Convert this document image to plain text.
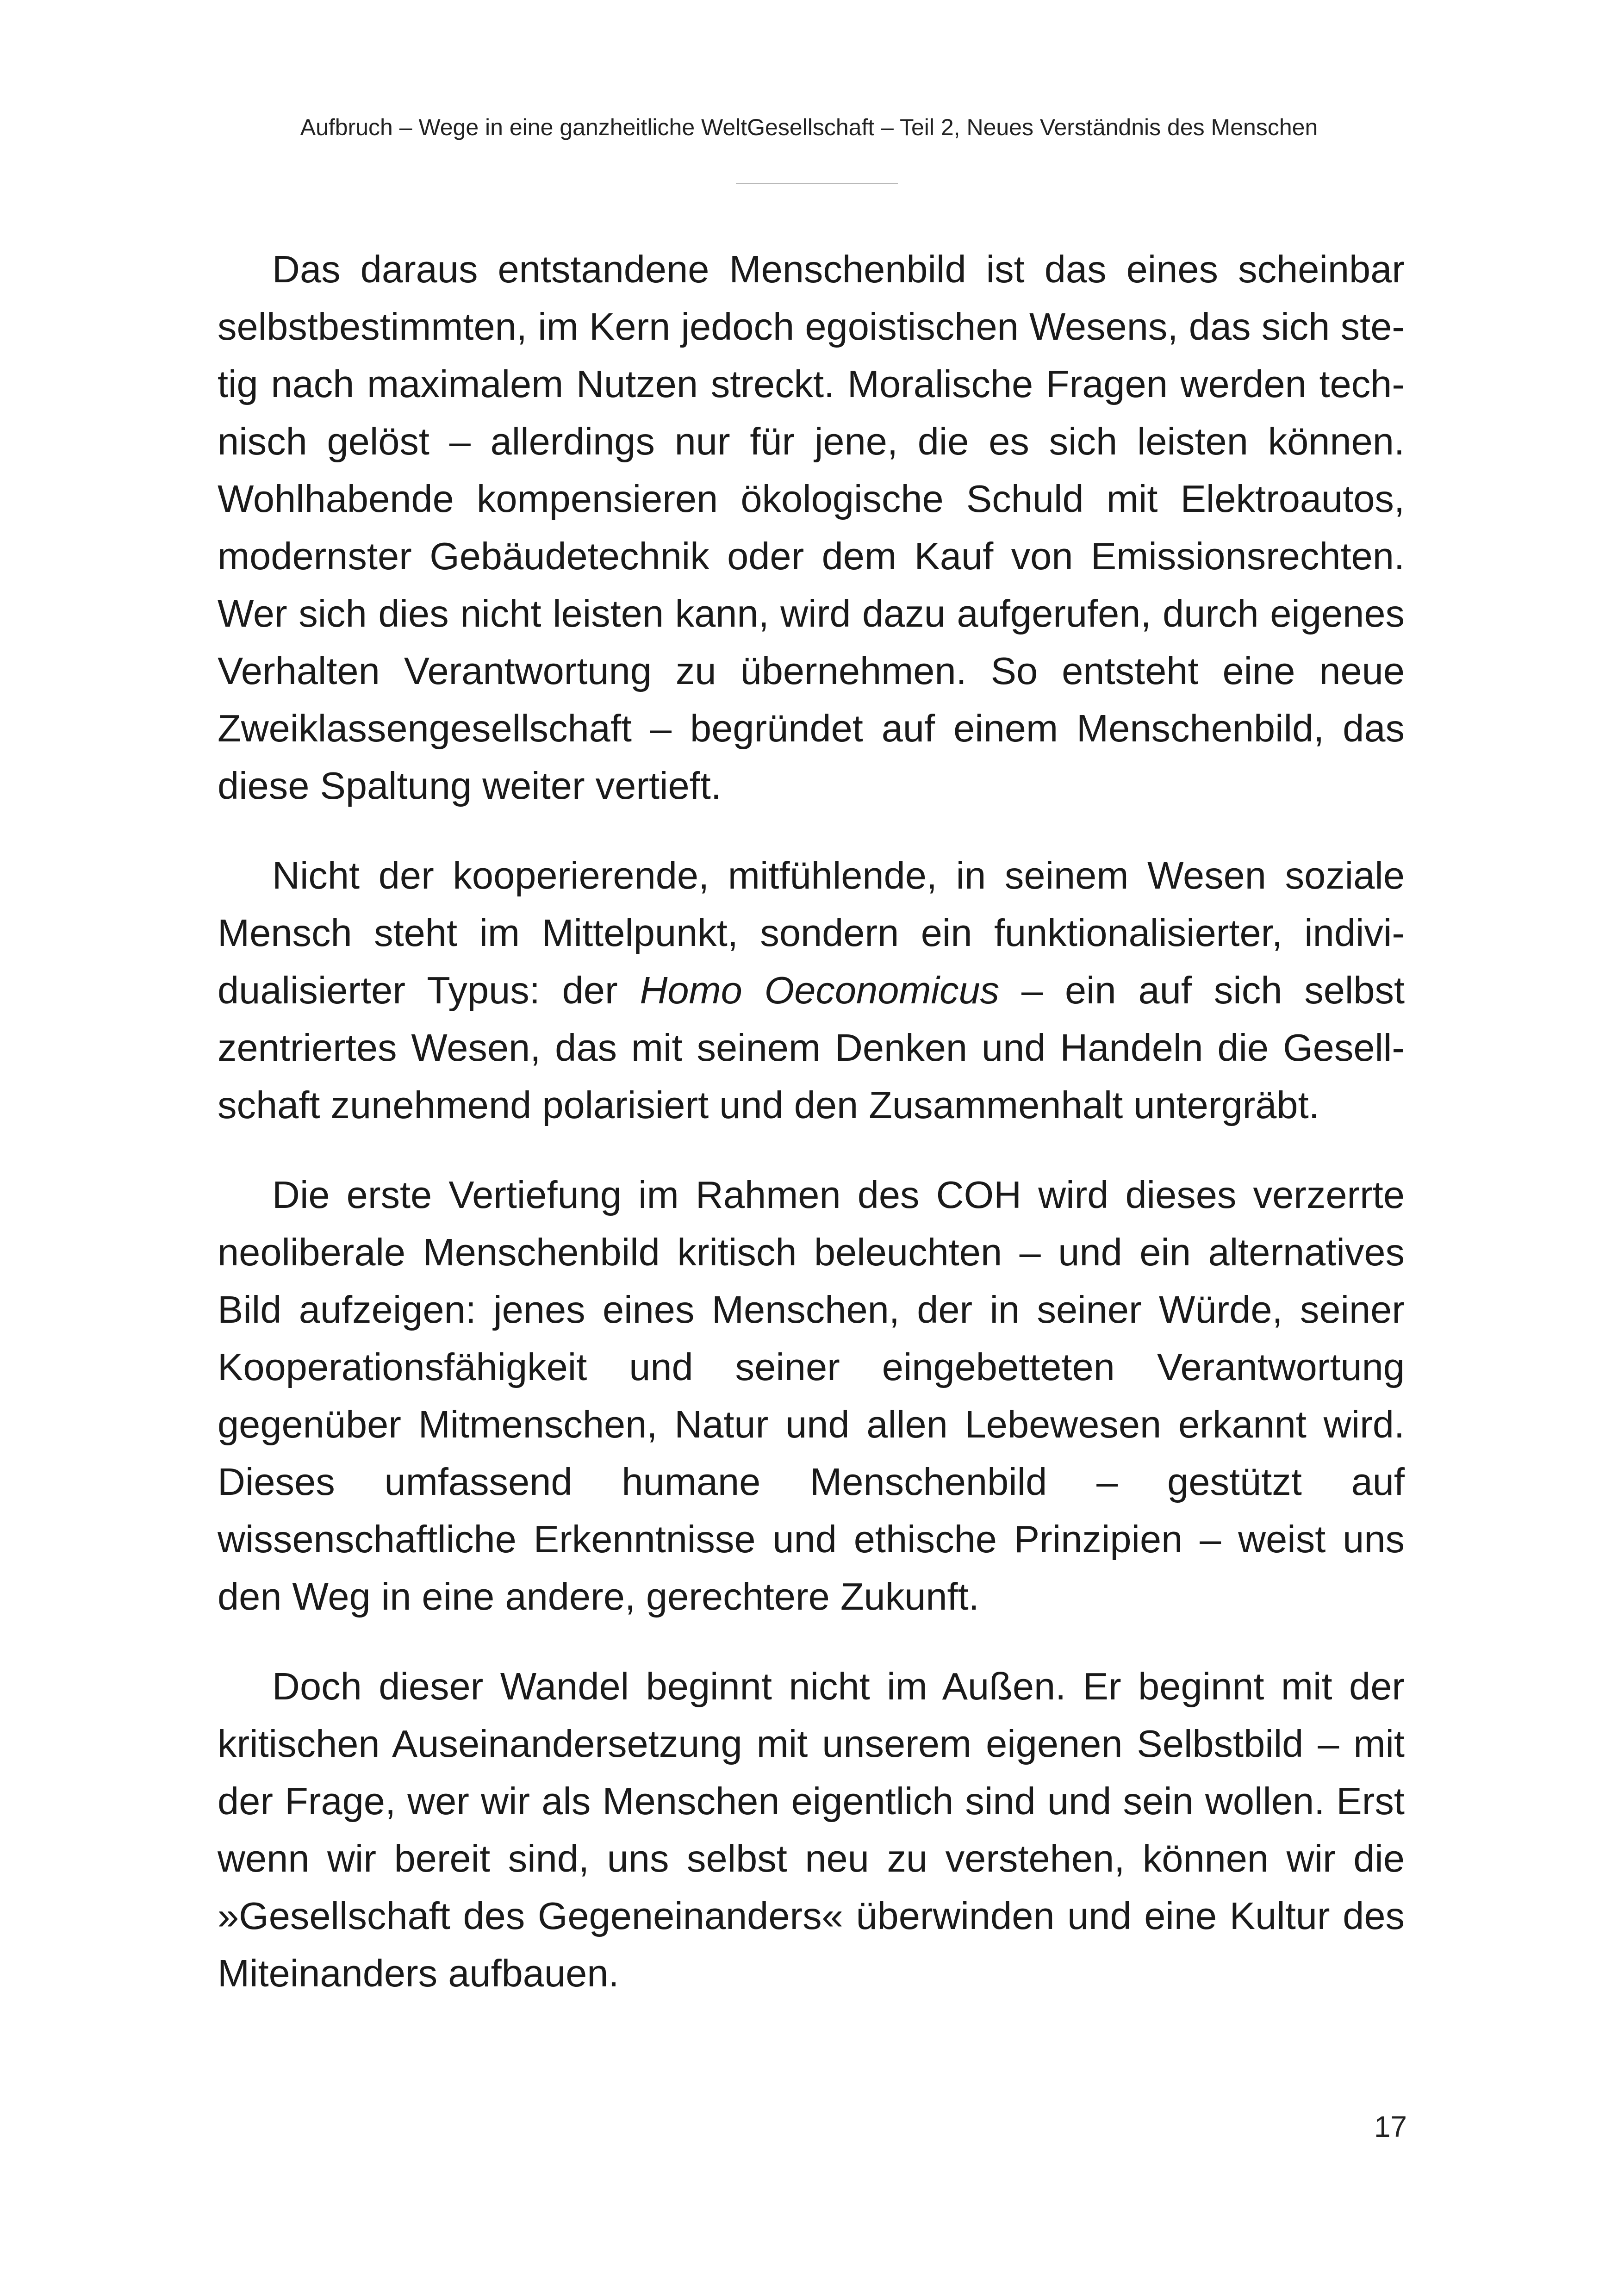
Aufbruch – Wege in eine ganzheitliche WeltGesellschaft – Teil 2, Neues Verständnis des Menschen

Das daraus entstandene Menschenbild ist das eines scheinbar selbstbestimmten, im Kern jedoch egoistischen Wesens, das sich stetig nach maximalem Nutzen streckt. Moralische Fragen werden technisch gelöst – allerdings nur für jene, die es sich leisten können. Wohlhabende kompensieren ökologische Schuld mit Elektroautos, modernster Gebäudetechnik oder dem Kauf von Emissionsrechten. Wer sich dies nicht leisten kann, wird dazu aufgerufen, durch eigenes Verhalten Verantwortung zu übernehmen. So entsteht eine neue Zweiklassengesellschaft – begründet auf einem Menschenbild, das diese Spaltung weiter vertieft.

Nicht der kooperierende, mitfühlende, in seinem Wesen soziale Mensch steht im Mittelpunkt, sondern ein funktionalisierter, individualisierter Typus: der Homo Oeconomicus – ein auf sich selbst zentriertes Wesen, das mit seinem Denken und Handeln die Gesellschaft zunehmend polarisiert und den Zusammenhalt untergräbt.

Die erste Vertiefung im Rahmen des COH wird dieses verzerrte neoliberale Menschenbild kritisch beleuchten – und ein alternatives Bild aufzeigen: jenes eines Menschen, der in seiner Würde, seiner Kooperationsfähigkeit und seiner eingebetteten Verantwortung gegenüber Mitmenschen, Natur und allen Lebewesen erkannt wird. Dieses umfassend humane Menschenbild – gestützt auf wissenschaftliche Erkenntnisse und ethische Prinzipien – weist uns den Weg in eine andere, gerechtere Zukunft.

Doch dieser Wandel beginnt nicht im Außen. Er beginnt mit der kritischen Auseinandersetzung mit unserem eigenen Selbstbild – mit der Frage, wer wir als Menschen eigentlich sind und sein wollen. Erst wenn wir bereit sind, uns selbst neu zu verstehen, können wir die »Gesellschaft des Gegeneinanders« überwinden und eine Kultur des Miteinanders aufbauen.

17
